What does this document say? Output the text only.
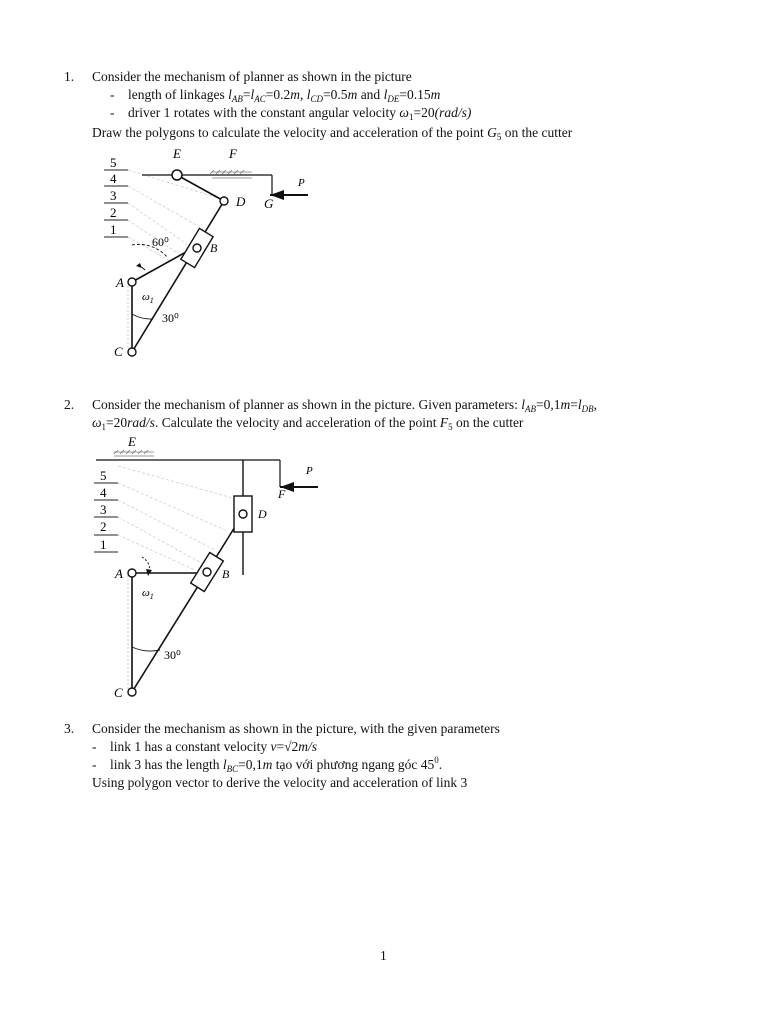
1. Consider the mechanism of planner as shown in the picture
- length of linkages $l_{AB}=l_{AC}=0.2m$, $l_{CD}=0.5m$ and $l_{DE}=0.15m$
- driver 1 rotates with the constant angular velocity $\omega_1=20(rad/s)$
Draw the polygons to calculate the velocity and acceleration of the point $G_5$ on the cutter
5
4
3
2
1
E	F
D G
P
B
A
C
60⁰
30⁰
$\omega_1$
2. Consider the mechanism of planner as shown in the picture. Given parameters: $l_{AB}=0,1m=l_{DB}$,
$\omega_1=20rad/s$. Calculate the velocity and acceleration of the point $F_5$ on the cutter
5
4
3
2
1
E
P
F
D
B
A
C
30⁰
$\omega_1$
3. Consider the mechanism as shown in the picture, with the given parameters
- link 1 has a constant velocity v=√2m/s
- link 3 has the length $l_{BC}=0,1m$ tạo với phương ngang góc $45^0$.
Using polygon vector to derive the velocity and acceleration of link 3
1
